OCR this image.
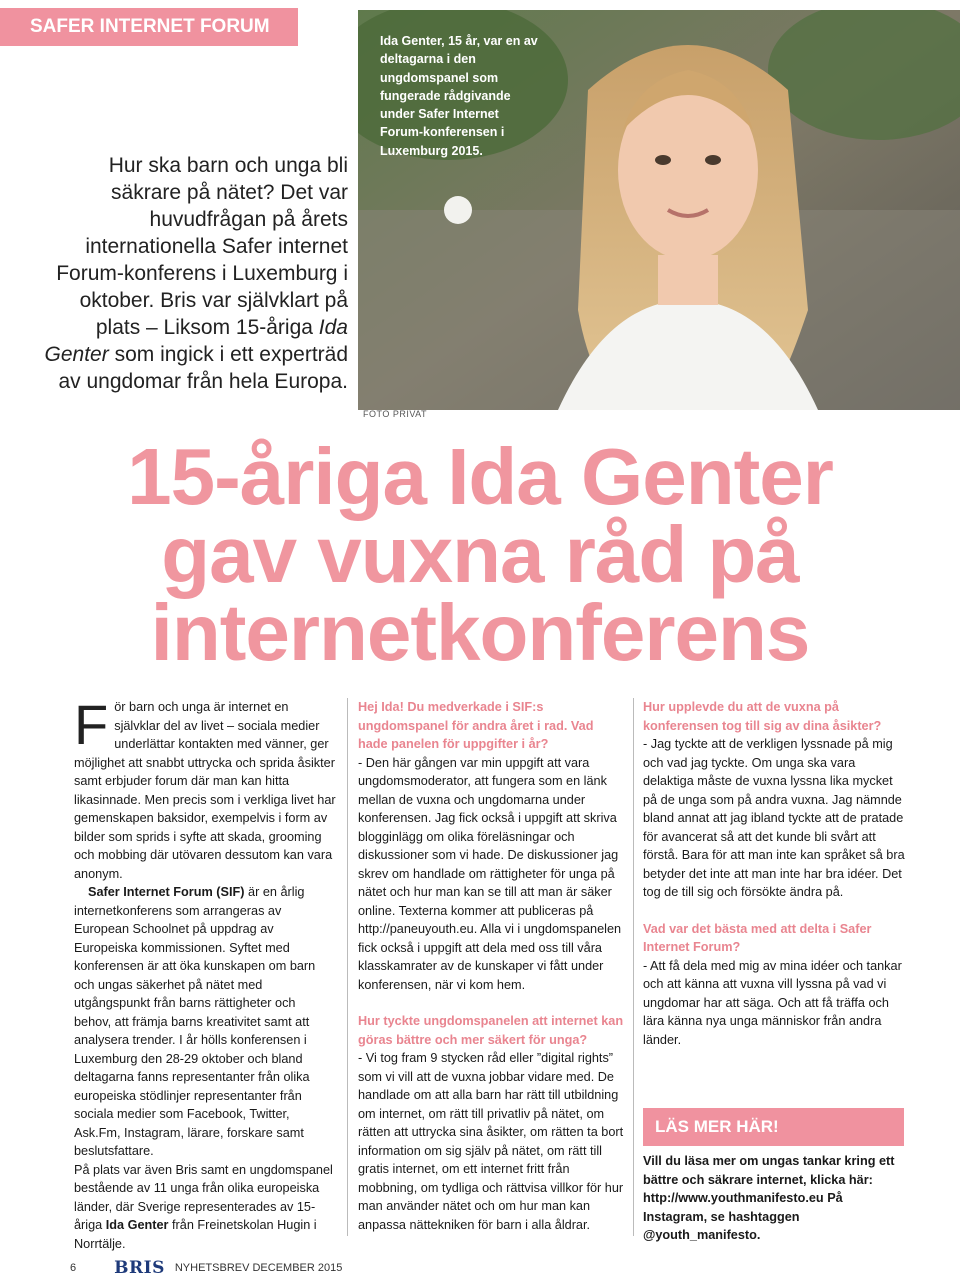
SAFER INTERNET FORUM 2015
Hur ska barn och unga bli säkrare på nätet? Det var huvudfrågan på årets internationella Safer internet Forum-konferens i Luxemburg i oktober. Bris var självklart på plats – Liksom 15-åriga Ida Genter som ingick i ett experträd av ungdomar från hela Europa.
Ida Genter, 15 år, var en av deltagarna i den ungdomspanel som fungerade rådgivande under Safer Internet Forum-konferensen i Luxemburg 2015.
FOTO PRIVAT
15-åriga Ida Genter
gav vuxna råd på
internetkonferens
För barn och unga är internet en självklar del av livet – sociala medier underlättar kontakten med vänner, ger möjlighet att snabbt uttrycka och sprida åsikter samt erbjuder forum där man kan hitta likasinnade. Men precis som i verkliga livet har gemenskapen baksidor, exempelvis i form av bilder som sprids i syfte att skada, grooming och mobbing där utövaren dessutom kan vara anonym.
Safer Internet Forum (SIF) är en årlig internetkonferens som arrangeras av European Schoolnet på uppdrag av Europeiska kommissionen. Syftet med konferensen är att öka kunskapen om barn och ungas säkerhet på nätet med utgångspunkt från barns rättigheter och behov, att främja barns kreativitet samt att analysera trender. I år hölls konferensen i Luxemburg den 28-29 oktober och bland deltagarna fanns representanter från olika europeiska stödlinjer representanter från sociala medier som Facebook, Twitter, Ask.Fm, Instagram, lärare, forskare samt beslutsfattare.
På plats var även Bris samt en ungdomspanel bestående av 11 unga från olika europeiska länder, där Sverige representerades av 15-åriga Ida Genter från Freinetskolan Hugin i Norrtälje.
Hej Ida! Du medverkade i SIF:s ungdomspanel för andra året i rad. Vad hade panelen för uppgifter i år?
- Den här gången var min uppgift att vara ungdomsmoderator, att fungera som en länk mellan de vuxna och ungdomarna under konferensen. Jag fick också i uppgift att skriva blogginlägg om olika föreläsningar och diskussioner som vi hade. De diskussioner jag skrev om handlade om rättigheter för unga på nätet och hur man kan se till att man är säker online. Texterna kommer att publiceras på http://paneuyouth.eu. Alla vi i ungdomspanelen fick också i uppgift att dela med oss till våra klasskamrater av de kunskaper vi fått under konferensen, när vi kom hem.
Hur tyckte ungdomspanelen att internet kan göras bättre och mer säkert för unga?
- Vi tog fram 9 stycken råd eller ”digital rights” som vi vill att de vuxna jobbar vidare med. De handlade om att alla barn har rätt till utbildning om internet, om rätt till privatliv på nätet, om rätten att uttrycka sina åsikter, om rätten ta bort information om sig själv på nätet, om rätt till gratis internet, om ett internet fritt från mobbning, om tydliga och rättvisa villkor för hur man använder nätet och om hur man kan anpassa nättekniken för barn i alla åldrar.
Hur upplevde du att de vuxna på konferensen tog till sig av dina åsikter?
- Jag tyckte att de verkligen lyssnade på mig och vad jag tyckte. Om unga ska vara delaktiga måste de vuxna lyssna lika mycket på de unga som på andra vuxna. Jag nämnde bland annat att jag ibland tyckte att de pratade för avancerat så att det kunde bli svårt att förstå. Bara för att man inte kan språket så bra betyder det inte att man inte har bra idéer. Det tog de till sig och försökte ändra på.
Vad var det bästa med att delta i Safer Internet Forum?
- Att få dela med mig av mina idéer och tankar och att känna att vuxna vill lyssna på vad vi ungdomar har att säga. Och att få träffa och lära känna nya unga människor från andra länder.
LÄS MER HÄR!
Vill du läsa mer om ungas tankar kring ett bättre och säkrare internet, klicka här: http://www.youthmanifesto.eu På Instagram, se hashtaggen @youth_manifesto.
6 BRIS NYHETSBREV DECEMBER 2015
